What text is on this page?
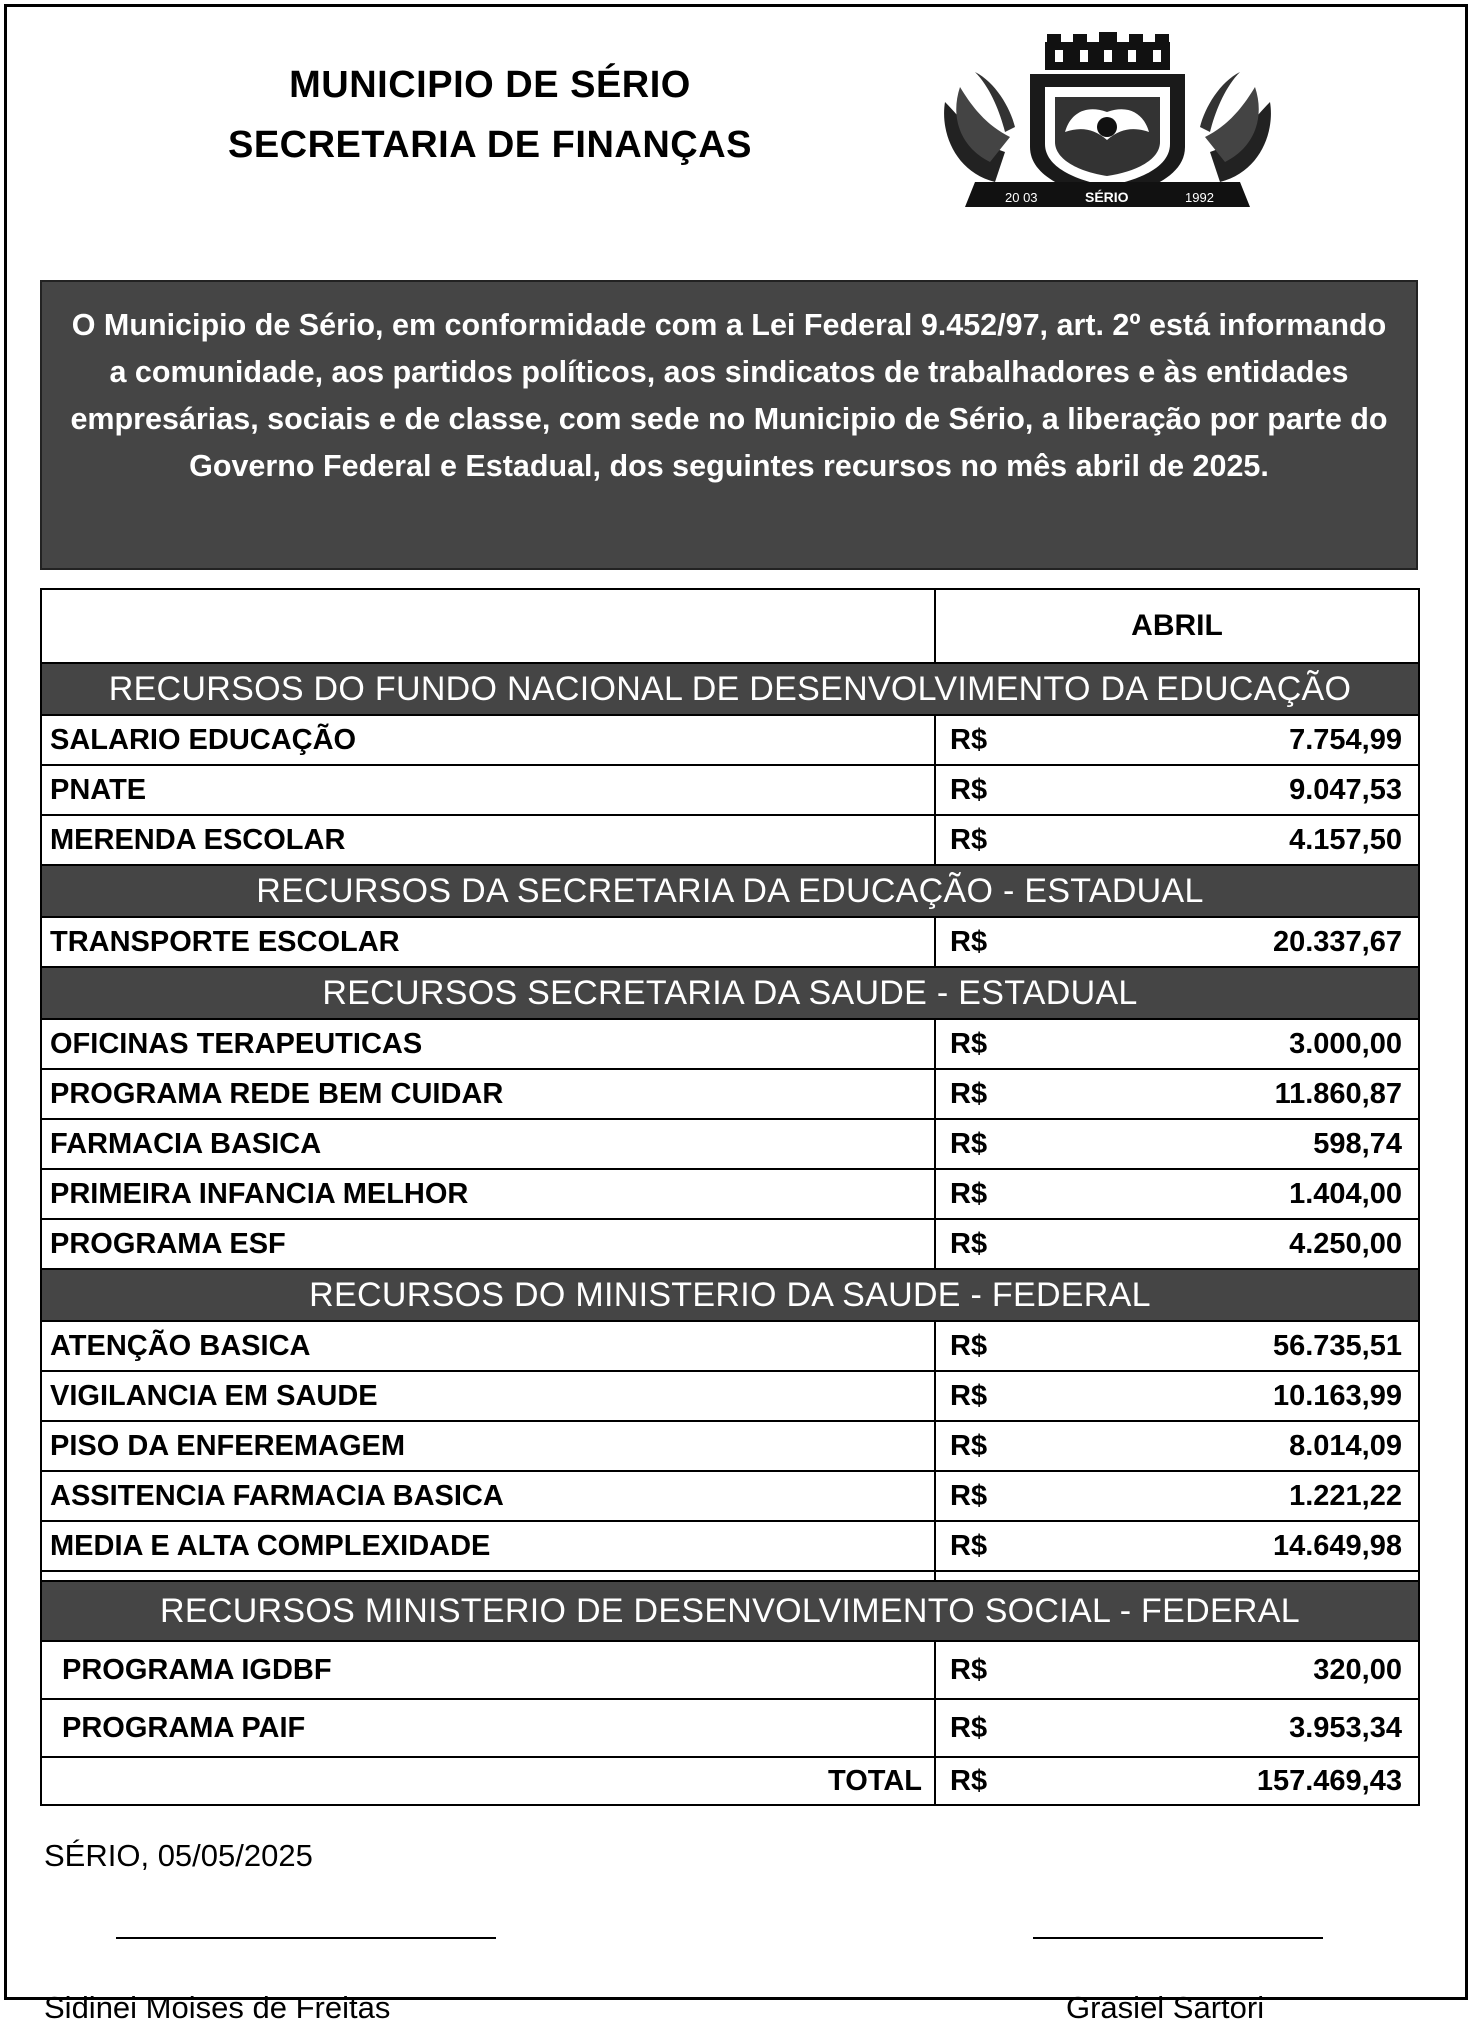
MUNICIPIO DE SÉRIO
SECRETARIA DE FINANÇAS
20 03	SÉRIO	1992
O Municipio de Sério, em conformidade com a Lei Federal 9.452/97, art. 2º está informando a comunidade, aos partidos políticos, aos sindicatos de trabalhadores e às entidades empresárias, sociais e de classe, com sede no Municipio de Sério, a liberação por parte do Governo Federal e Estadual, dos seguintes recursos no mês abril de 2025.
	ABRIL	
RECURSOS DO FUNDO NACIONAL DE DESENVOLVIMENTO DA EDUCAÇÃO		
SALARIO EDUCAÇÃO	R$	7.754,99
PNATE	R$	9.047,53
MERENDA ESCOLAR	R$	4.157,50
RECURSOS DA SECRETARIA DA EDUCAÇÃO - ESTADUAL		
TRANSPORTE ESCOLAR	R$	20.337,67
RECURSOS SECRETARIA DA SAUDE - ESTADUAL		
OFICINAS TERAPEUTICAS	R$	3.000,00
PROGRAMA REDE BEM CUIDAR	R$	11.860,87
FARMACIA BASICA	R$	598,74
PRIMEIRA INFANCIA MELHOR	R$	1.404,00
PROGRAMA ESF	R$	4.250,00
RECURSOS DO MINISTERIO DA SAUDE - FEDERAL		
ATENÇÃO BASICA	R$	56.735,51
VIGILANCIA EM SAUDE	R$	10.163,99
PISO DA ENFEREMAGEM	R$	8.014,09
ASSITENCIA FARMACIA BASICA	R$	1.221,22
MEDIA E ALTA COMPLEXIDADE	R$	14.649,98

RECURSOS MINISTERIO DE DESENVOLVIMENTO SOCIAL - FEDERAL		
PROGRAMA IGDBF	R$	320,00
PROGRAMA PAIF	R$	3.953,34
TOTAL	R$	157.469,43
SÉRIO, 05/05/2025
Sidinei Moises de Freitas	Grasiel Sartori
